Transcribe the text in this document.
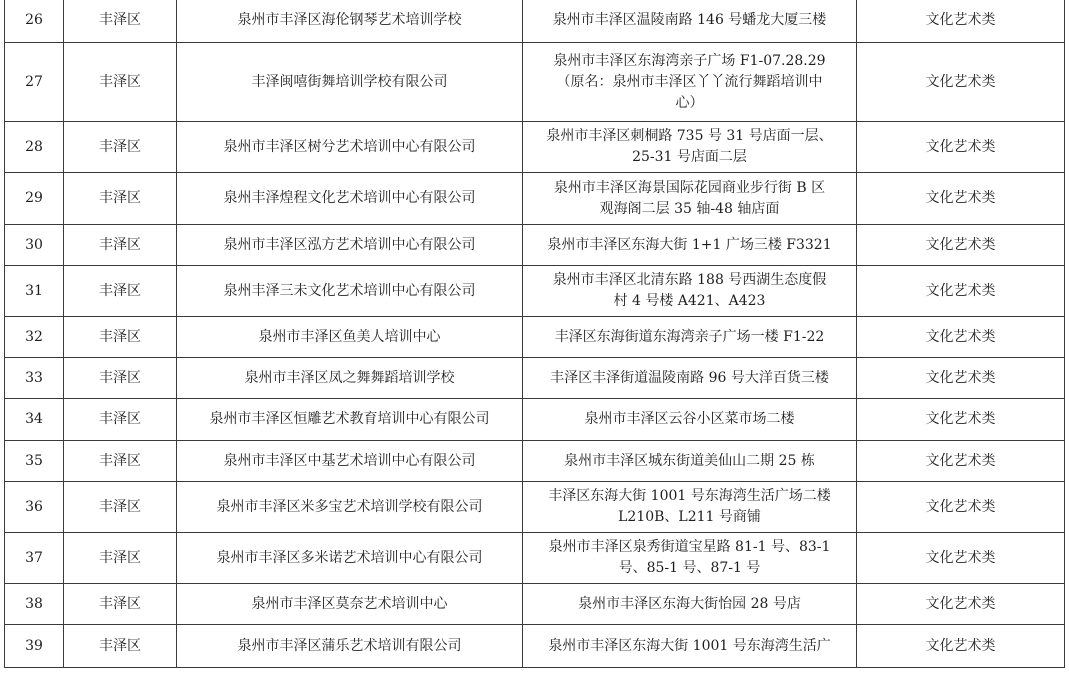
26	丰泽区	泉州市丰泽区海伦钢琴艺术培训学校	泉州市丰泽区温陵南路 146 号蟠龙大厦三楼	文化艺术类
27	丰泽区	丰泽闽嘻街舞培训学校有限公司	泉州市丰泽区东海湾亲子广场 F1-07.28.29
（原名：泉州市丰泽区丫丫流行舞蹈培训中
心）	文化艺术类
28	丰泽区	泉州市丰泽区树兮艺术培训中心有限公司	泉州市丰泽区刺桐路 735 号 31 号店面一层、
25-31 号店面二层	文化艺术类
29	丰泽区	泉州丰泽煌程文化艺术培训中心有限公司	泉州市丰泽区海景国际花园商业步行街 B 区
观海阁二层 35 轴-48 轴店面	文化艺术类
30	丰泽区	泉州市丰泽区泓方艺术培训中心有限公司	泉州市丰泽区东海大街 1+1 广场三楼 F3321	文化艺术类
31	丰泽区	泉州丰泽三未文化艺术培训中心有限公司	泉州市丰泽区北清东路 188 号西湖生态度假
村 4 号楼 A421、A423	文化艺术类
32	丰泽区	泉州市丰泽区鱼美人培训中心	丰泽区东海街道东海湾亲子广场一楼 F1-22	文化艺术类
33	丰泽区	泉州市丰泽区凤之舞舞蹈培训学校	丰泽区丰泽街道温陵南路 96 号大洋百货三楼	文化艺术类
34	丰泽区	泉州市丰泽区恒雕艺术教育培训中心有限公司	泉州市丰泽区云谷小区菜市场二楼	文化艺术类
35	丰泽区	泉州市丰泽区中基艺术培训中心有限公司	泉州市丰泽区城东街道美仙山二期 25 栋	文化艺术类
36	丰泽区	泉州市丰泽区米多宝艺术培训学校有限公司	丰泽区东海大街 1001 号东海湾生活广场二楼
L210B、L211 号商铺	文化艺术类
37	丰泽区	泉州市丰泽区多米诺艺术培训中心有限公司	泉州市丰泽区泉秀街道宝星路 81-1 号、83-1
号、85-1 号、87-1 号	文化艺术类
38	丰泽区	泉州市丰泽区莫奈艺术培训中心	泉州市丰泽区东海大街怡园 28 号店	文化艺术类
39	丰泽区	泉州市丰泽区蒲乐艺术培训有限公司	泉州市丰泽区东海大街 1001 号东海湾生活广	文化艺术类
